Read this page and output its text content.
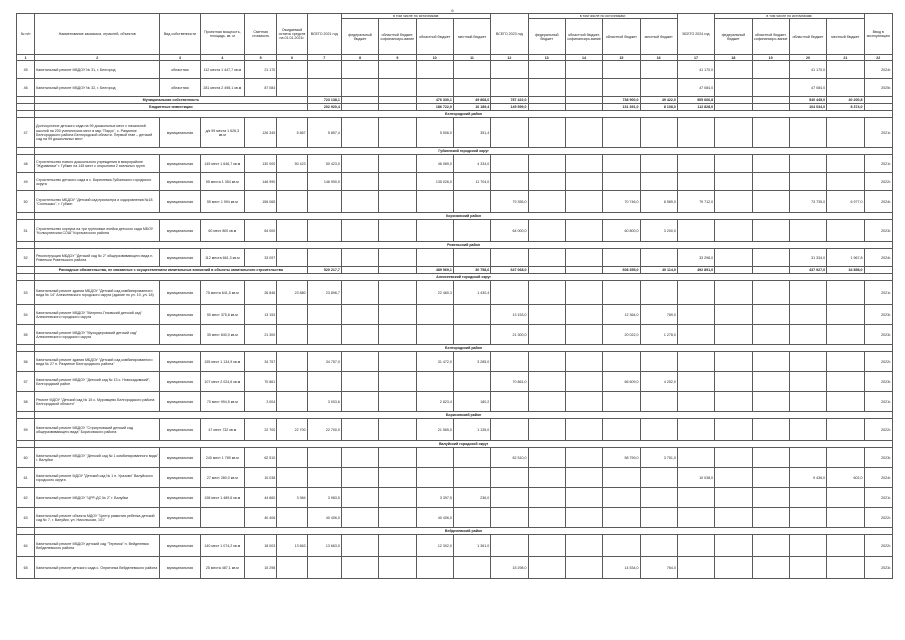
6
№ п/п	Наименование заказчика, отраслей, объектов	Вид собственности	Проектная мощность, площадь, кв. м	Сметная стоимость	Ожидаемый остаток средств на 01.01.2021г.	ВСЕГО 2021 год	в том числе по источникам:				ВСЕГО 2023 год	в том числе по источникам:				ВСЕГО 2024 год	в том числе по источникам:				Ввод в эксплуатацию
							федеральный бюджет	областной бюджет, софинансиро-вание	областной бюджет	местный бюджет		федеральный бюджет	областной бюджет, софинансиро-вание	областной бюджет	местный бюджет		федеральный бюджет	областной бюджет, софинансиро-вание	областной бюджет	местный бюджет	
1	2	3	4	5	6	7	8	9	10	11	12	13	14	15	16	17	18	19	20	21	22
45	Капитальный ремонт МБДОУ № 31, г. Белгород	областная	112 места 1 447,7 кв.м	21 170												41 170,0			41 170,0		2024г.
46	Капитальный ремонт МБДОУ № 32, г. Белгород	областная	281 места 2 498,1 кв.м	87 084												47 084,0			47 084,0		2025г.
	Муниципальная собственность					723 138,1			476 330,1	49 868,0	787 422,0			738 900,0	49 422,0	905 666,8			540 445,0	40 200,8	
	Бюджетные инвестиции					202 920,4			186 722,0	16 189,4	149 599,0			131 391,0	8 108,0	112 828,0			104 034,0	8 374,0	
	Белгородский район																				
47	Долгосрочное детского сада на 99 дошкольных мест с начальной школой на 200 ученических мест в мкр."Парус", с. Разумное Белгородского района Белгородской области. Первый этап – детский сад на 99 дошкольных мест	муниципальная	д/к 99 места 1 626,3 кв.м	126 349	5 867	5 857,4			5 506,0	351,4											2021г.
	Губкинский городской округ																				
48	Строительство нового дошкольного учреждения в микрорайоне "Журавлики" г. Губкин на 145 мест с открытием 2 ясельных групп	муниципальная	145 мест 1 646,7 кв.м	130 000	50 423	50 423,0			46 089,0	4 334,0											2021г.
49	Строительство детского сада в с. Бирюлевка Губкинского городского округа	муниципальная	55 места 1 354 кв.м	146 990		146 990,0			135 026,0	11 704,0											2022г.
50	Строительство МБДОУ "Детский сад присмотра и оздоровления №18 "Солнышко", г. Губкин	муниципальная	55 мест 1 994 кв.м	156 065							79 355,0			70 746,0	8 589,0	79 712,0			73 735,0	6 977,0	2024г.
	Корочанский район																				
51	Строительство корпуса на три групповые ячейки детского сада МБОУ "Кольчугинская СОШ" Корочанского района	муниципальная	60 мест 800 кв.м	64 000							64 000,0			60 800,0	3 200,0						2023г.
	Ровеньский район																				
52	Реконструкция МБДОУ "Детский сад № 2" общеразвивающего вида п. Ровеньки Ровеньского района	муниципальная	112 места 661,3 кв.м	33 097												33 298,0			31 334,0	1 967,8	2024г.
	Расходные обязательства, не связанные с осуществлением капитальных вложений в объекты капитального строительства					520 217,7			489 569,1	30 758,6	647 068,0			608 355,0	40 114,0	492 891,0			437 927,0	34 858,0	
	Алексеевский городской округ																				
53	Капитальный ремонт здания МБДОУ "Детский сад комбинированного вида № 14" Алексеевского городского округа (здание по ул. 10, ул. 18)	муниципальная	75 места 641,5 кв.м	26 846	23 880	23 896,7			22 460,3	1 430,4											2021г.
54	Капитальный ремонт МБДОУ "Матрено-Гезовский детский сад" Алексеевского городского округа	муниципальная	50 мест 375,8 кв.м	13 153							13 153,0			12 364,0	789,0						2023г.
55	Капитальный ремонт МБДОУ "Мухоудеровский детский сад" Алексеевского городского округа	муниципальная	35 мест 640,0 кв.м	21 300							21 300,0			20 022,0	1 278,0						2023г.
	Белгородский район																				
56	Капитальный ремонт здания МБДОУ "Детский сад комбинированного вида № 27 п. Разумное Белгородского района"	муниципальная	155 мест 1 134,9 кв.м	34 757		34 757,0			31 472,0	3 285,0											2022г.
57	Капитальный ремонт МБДОУ "Детский сад № 13 с. Новосадовский", Белгородский район	муниципальная	107 мест 2 024,6 кв.м	70 861							70 861,0			66 609,0	4 252,0						2023г.
58	Ремонт МДОУ "Детский сад № 15 с. Муромцево Белгородского района Белгородской области"	муниципальная	70 мест 994,5 кв.м	3 004		3 003,6			2 823,4	180,2											2021г.
	Борисовский район																				
59	Капитальный ремонт МБДОУ "Стригуновский детский сад общеразвивающего вида" Борисовского района	муниципальная	47 мест 732 кв.м	22 700	22 700	22 700,0			21 565,0	1 135,0											2022г.
	Валуйский городской округ																				
60	Капитальный ремонт МБДОУ "Детский сад № 1 комбинированного вида" г. Валуйки	муниципальная	240 мест 1 789 кв.м	62 510							62 510,0			58 759,0	3 751,0						2023г.
61	Капитальный ремонт МДОУ "Детский сад № 1 п. Уразово" Валуйского городского округа	муниципальная	27 мест 280,0 кв.м	10 038												10 038,0			9 436,0	602,0	2024г.
62	Капитальный ремонт МБДОУ "ЦРР-ДС № 2" г. Валуйки	муниципальная	198 мест 1 489,6 кв.м	44 660	3 984	3 983,5			3 397,5	236,0											2021г.
63	Капитальный ремонт объекта МДОУ "Центр развития ребенка детский сад № 7, г. Валуйки, ул. Никольская, 101"	муниципальная		40 406		40 406,0			40 406,0												2022г.
	Вейделевский район																				
64	Капитальный ремонт МБДОУ детский сад "Теремок" п. Вейделевка Вейделевского района	муниципальная	140 мест 1 074,2 кв.м	18 003	13 663	13 663,0			12 302,0	1 361,0											2022г.
65	Капитальный ремонт детского сада с. Опрятинка Вейделевского района	муниципальная	25 места 487,1 кв.м	15 298							15 298,0			14 534,0	764,0						2023г.
